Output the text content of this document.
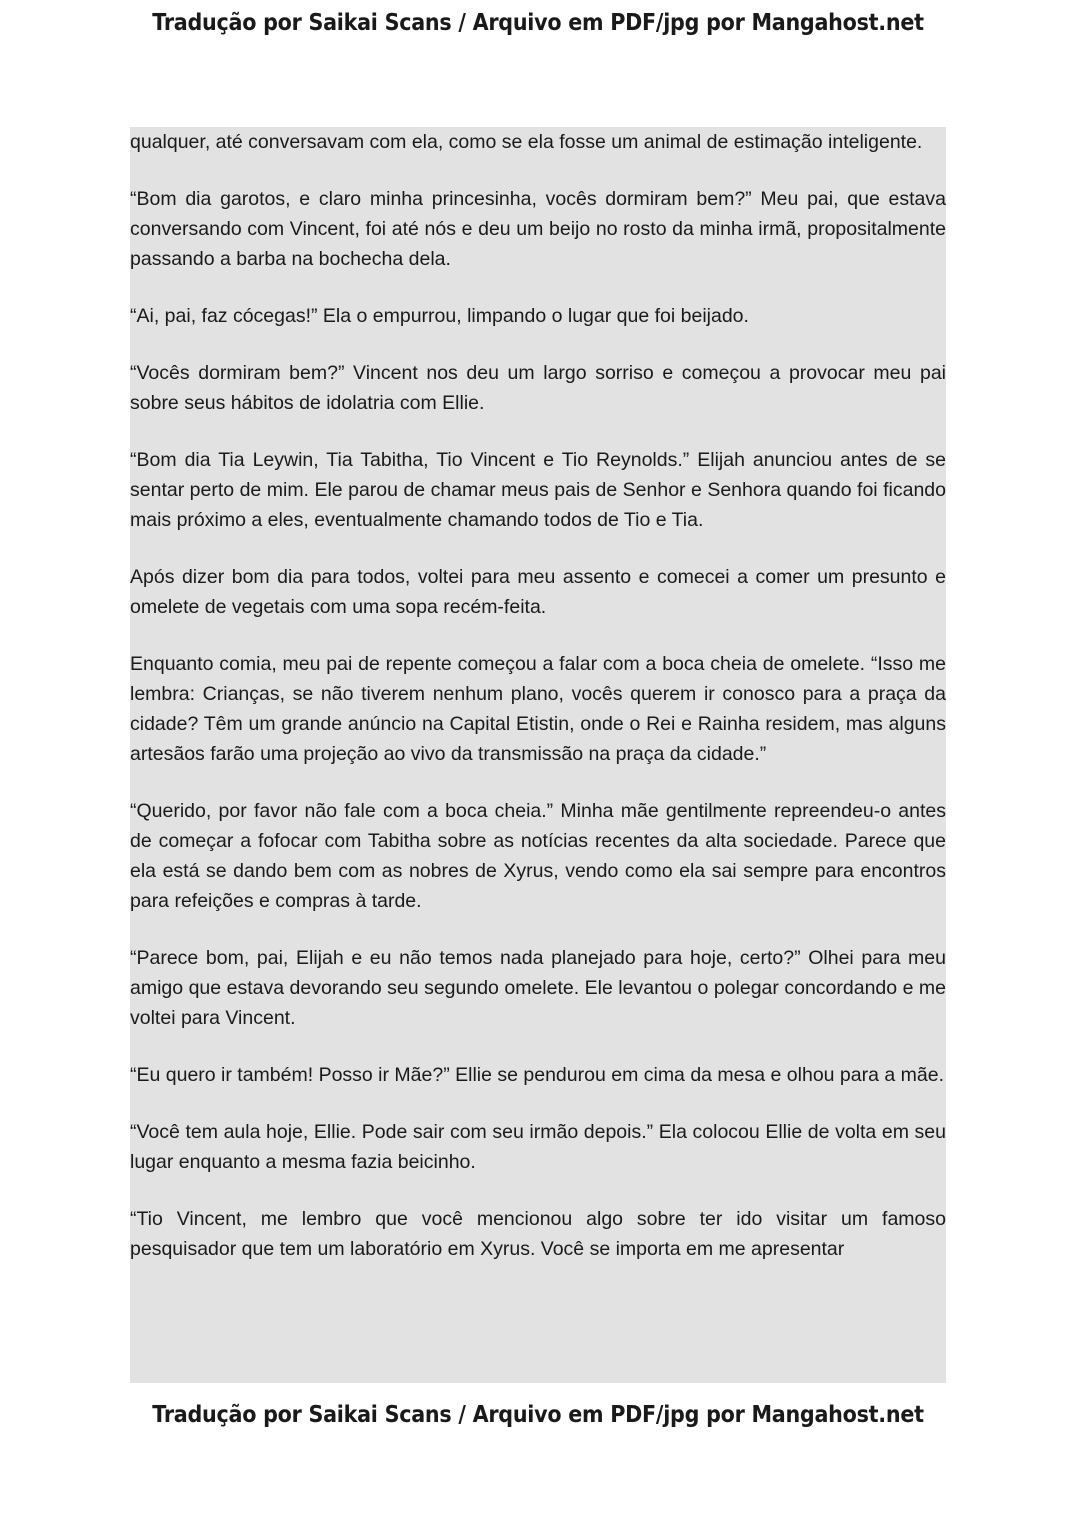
Tradução por Saikai Scans / Arquivo em PDF/jpg por Mangahost.net

qualquer, até conversavam com ela, como se ela fosse um animal de estimação inteligente.

“Bom dia garotos, e claro minha princesinha, vocês dormiram bem?” Meu pai, que estava conversando com Vincent, foi até nós e deu um beijo no rosto da minha irmã, propositalmente passando a barba na bochecha dela.

“Ai, pai, faz cócegas!” Ela o empurrou, limpando o lugar que foi beijado.

“Vocês dormiram bem?” Vincent nos deu um largo sorriso e começou a provocar meu pai sobre seus hábitos de idolatria com Ellie.

“Bom dia Tia Leywin, Tia Tabitha, Tio Vincent e Tio Reynolds.” Elijah anunciou antes de se sentar perto de mim. Ele parou de chamar meus pais de Senhor e Senhora quando foi ficando mais próximo a eles, eventualmente chamando todos de Tio e Tia.

Após dizer bom dia para todos, voltei para meu assento e comecei a comer um presunto e omelete de vegetais com uma sopa recém-feita.

Enquanto comia, meu pai de repente começou a falar com a boca cheia de omelete. “Isso me lembra: Crianças, se não tiverem nenhum plano, vocês querem ir conosco para a praça da cidade? Têm um grande anúncio na Capital Etistin, onde o Rei e Rainha residem, mas alguns artesãos farão uma projeção ao vivo da transmissão na praça da cidade.”

“Querido, por favor não fale com a boca cheia.” Minha mãe gentilmente repreendeu-o antes de começar a fofocar com Tabitha sobre as notícias recentes da alta sociedade. Parece que ela está se dando bem com as nobres de Xyrus, vendo como ela sai sempre para encontros para refeições e compras à tarde.

“Parece bom, pai, Elijah e eu não temos nada planejado para hoje, certo?” Olhei para meu amigo que estava devorando seu segundo omelete. Ele levantou o polegar concordando e me voltei para Vincent.

“Eu quero ir também! Posso ir Mãe?” Ellie se pendurou em cima da mesa e olhou para a mãe.

“Você tem aula hoje, Ellie. Pode sair com seu irmão depois.” Ela colocou Ellie de volta em seu lugar enquanto a mesma fazia beicinho.

“Tio Vincent, me lembro que você mencionou algo sobre ter ido visitar um famoso pesquisador que tem um laboratório em Xyrus. Você se importa em me apresentar

Tradução por Saikai Scans / Arquivo em PDF/jpg por Mangahost.net
